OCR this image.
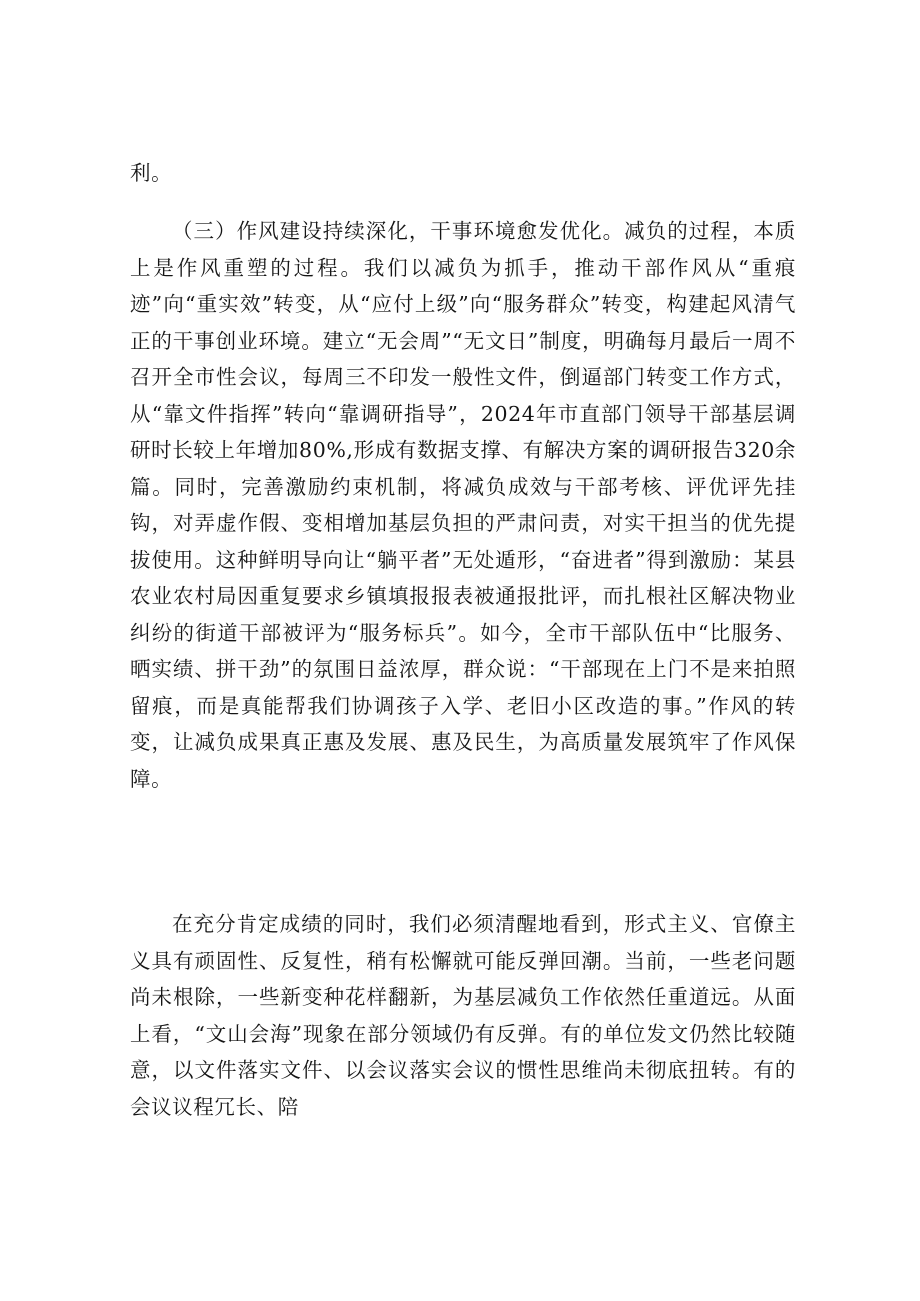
利。

（三）作风建设持续深化，干事环境愈发优化。减负的过程，本质上是作风重塑的过程。我们以减负为抓手，推动干部作风从“重痕迹”向“重实效”转变，从“应付上级”向“服务群众”转变，构建起风清气正的干事创业环境。建立“无会周”“无文日”制度，明确每月最后一周不召开全市性会议，每周三不印发一般性文件，倒逼部门转变工作方式，从“靠文件指挥”转向“靠调研指导”，2024年市直部门领导干部基层调研时长较上年增加80%,形成有数据支撑、有解决方案的调研报告320余篇。同时，完善激励约束机制，将减负成效与干部考核、评优评先挂钩，对弄虚作假、变相增加基层负担的严肃问责，对实干担当的优先提拔使用。这种鲜明导向让“躺平者”无处遁形，“奋进者”得到激励：某县农业农村局因重复要求乡镇填报报表被通报批评，而扎根社区解决物业纠纷的街道干部被评为“服务标兵”。如今，全市干部队伍中“比服务、晒实绩、拼干劲”的氛围日益浓厚，群众说：“干部现在上门不是来拍照留痕，而是真能帮我们协调孩子入学、老旧小区改造的事。”作风的转变，让减负成果真正惠及发展、惠及民生，为高质量发展筑牢了作风保障。

在充分肯定成绩的同时，我们必须清醒地看到，形式主义、官僚主义具有顽固性、反复性，稍有松懈就可能反弹回潮。当前，一些老问题尚未根除，一些新变种花样翻新，为基层减负工作依然任重道远。从面上看，“文山会海”现象在部分领域仍有反弹。有的单位发文仍然比较随意，以文件落实文件、以会议落实会议的惯性思维尚未彻底扭转。有的会议议程冗长、陪
